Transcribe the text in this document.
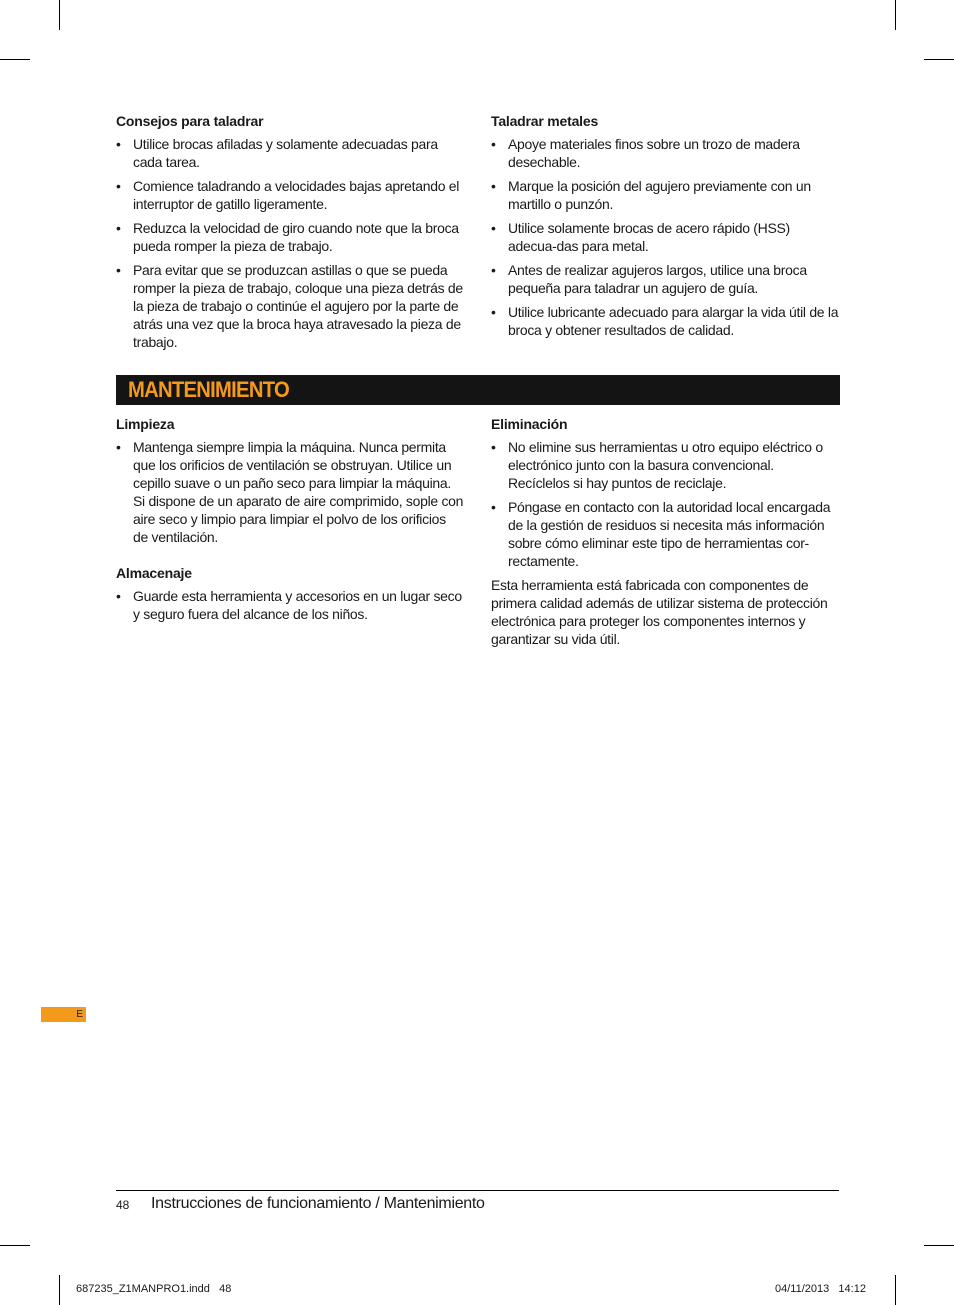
Consejos para taladrar
• Utilice brocas afiladas y solamente adecuadas para cada tarea.
• Comience taladrando a velocidades bajas apretando el interruptor de gatillo ligeramente.
• Reduzca la velocidad de giro cuando note que la broca pueda romper la pieza de trabajo.
• Para evitar que se produzcan astillas o que se pueda romper la pieza de trabajo, coloque una pieza detrás de la pieza de trabajo o continúe el agujero por la parte de atrás una vez que la broca haya atravesado la pieza de trabajo.
Taladrar metales
• Apoye materiales finos sobre un trozo de madera desechable.
• Marque la posición del agujero previamente con un martillo o punzón.
• Utilice solamente brocas de acero rápido (HSS) adecua-das para metal.
• Antes de realizar agujeros largos, utilice una broca pequeña para taladrar un agujero de guía.
• Utilice lubricante adecuado para alargar la vida útil de la broca y obtener resultados de calidad.
MANTENIMIENTO
Limpieza
• Mantenga siempre limpia la máquina. Nunca permita que los orificios de ventilación se obstruyan. Utilice un cepillo suave o un paño seco para limpiar la máquina. Si dispone de un aparato de aire comprimido, sople con aire seco y limpio para limpiar el polvo de los orificios de ventilación.
Almacenaje
• Guarde esta herramienta y accesorios en un lugar seco y seguro fuera del alcance de los niños.
Eliminación
• No elimine sus herramientas u otro equipo eléctrico o electrónico junto con la basura convencional. Recíclelos si hay puntos de reciclaje.
• Póngase en contacto con la autoridad local encargada de la gestión de residuos si necesita más información sobre cómo eliminar este tipo de herramientas cor-rectamente.

Esta herramienta está fabricada con componentes de primera calidad además de utilizar sistema de protección electrónica para proteger los componentes internos y garantizar su vida útil.

E
48 Instrucciones de funcionamiento / Mantenimiento
687235_Z1MANPRO1.indd   48	04/11/2013   14:12
